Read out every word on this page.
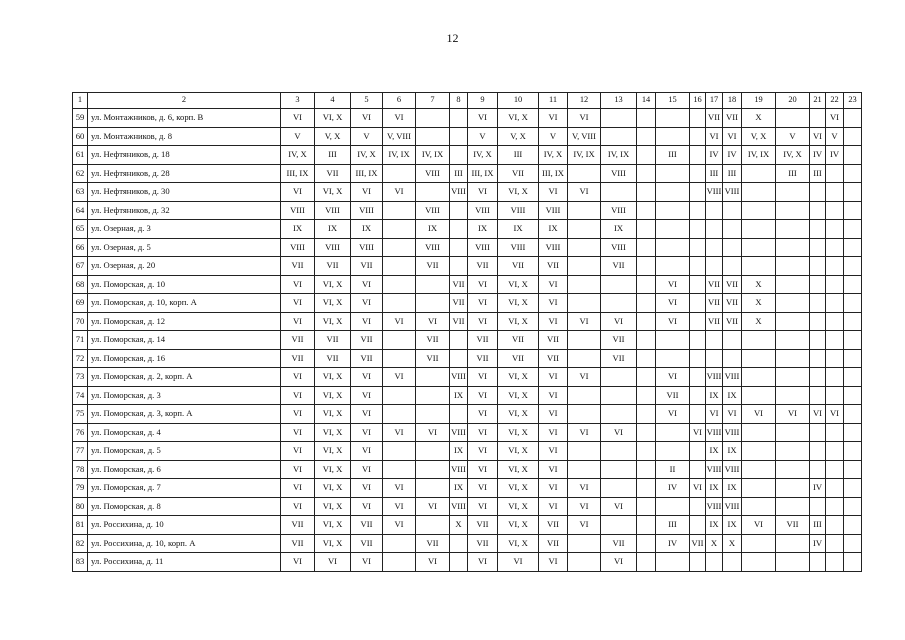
12
1	2	3	4	5	6	7	8	9	10	11	12	13	14	15	16	17	18	19	20	21	22	23
59	ул. Монтажников, д. 6, корп. В	VI	VI, X	VI	VI			VI	VI, X	VI	VI					VII	VII	X			VI	
60	ул. Монтажников, д. 8	V	V, X	V	V, VIII			V	V, X	V	V, VIII					VI	VI	V, X	V	VI	V	
61	ул. Нефтяников, д. 18	IV, X	III	IV, X	IV, IX	IV, IX		IV, X	III	IV, X	IV, IX	IV, IX		III		IV	IV	IV, IX	IV, X	IV	IV	
62	ул. Нефтяников, д. 28	III, IX	VII	III, IX		VIII	III	III, IX	VII	III, IX		VIII				III	III		III	III		
63	ул. Нефтяников, д. 30	VI	VI, X	VI	VI		VIII	VI	VI, X	VI	VI					VIII	VIII					
64	ул. Нефтяников, д. 32	VIII	VIII	VIII		VIII		VIII	VIII	VIII		VIII										
65	ул. Озерная, д. 3	IX	IX	IX		IX		IX	IX	IX		IX										
66	ул. Озерная, д. 5	VIII	VIII	VIII		VIII		VIII	VIII	VIII		VIII										
67	ул. Озерная, д. 20	VII	VII	VII		VII		VII	VII	VII		VII										
68	ул. Поморская, д. 10	VI	VI, X	VI			VII	VI	VI, X	VI				VI		VII	VII	X				
69	ул. Поморская, д. 10, корп. А	VI	VI, X	VI			VII	VI	VI, X	VI				VI		VII	VII	X				
70	ул. Поморская, д. 12	VI	VI, X	VI	VI	VI	VII	VI	VI, X	VI	VI	VI		VI		VII	VII	X				
71	ул. Поморская, д. 14	VII	VII	VII		VII		VII	VII	VII		VII										
72	ул. Поморская, д. 16	VII	VII	VII		VII		VII	VII	VII		VII										
73	ул. Поморская, д. 2, корп. А	VI	VI, X	VI	VI		VIII	VI	VI, X	VI	VI			VI		VIII	VIII					
74	ул. Поморская, д. 3	VI	VI, X	VI			IX	VI	VI, X	VI				VII		IX	IX					
75	ул. Поморская, д. 3, корп. А	VI	VI, X	VI				VI	VI, X	VI				VI		VI	VI	VI	VI	VI	VI	
76	ул. Поморская, д. 4	VI	VI, X	VI	VI	VI	VIII	VI	VI, X	VI	VI	VI			VI	VIII	VIII					
77	ул. Поморская, д. 5	VI	VI, X	VI			IX	VI	VI, X	VI						IX	IX					
78	ул. Поморская, д. 6	VI	VI, X	VI			VIII	VI	VI, X	VI				II		VIII	VIII					
79	ул. Поморская, д. 7	VI	VI, X	VI	VI		IX	VI	VI, X	VI	VI			IV	VI	IX	IX			IV		
80	ул. Поморская, д. 8	VI	VI, X	VI	VI	VI	VIII	VI	VI, X	VI	VI	VI				VIII	VIII					
81	ул. Россихина, д. 10	VII	VI, X	VII	VI		X	VII	VI, X	VII	VI			III		IX	IX	VI	VII	III		
82	ул. Россихина, д. 10, корп. А	VII	VI, X	VII		VII		VII	VI, X	VII		VII		IV	VII	X	X			IV		
83	ул. Россихина, д. 11	VI	VI	VI		VI		VI	VI	VI		VI										
